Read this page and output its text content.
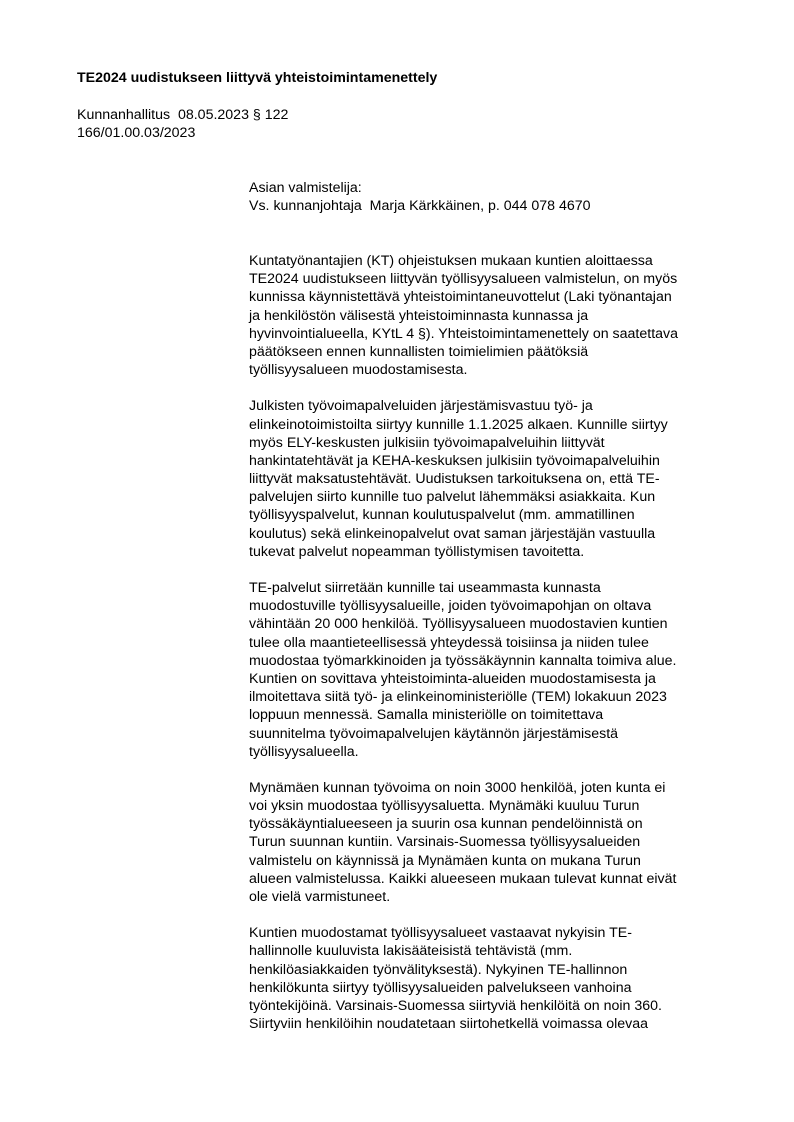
TE2024 uudistukseen liittyvä yhteistoimintamenettely
Kunnanhallitus  08.05.2023 § 122
166/01.00.03/2023
Asian valmistelija:
Vs. kunnanjohtaja  Marja Kärkkäinen, p. 044 078 4670

Kuntatyönantajien (KT) ohjeistuksen mukaan kuntien aloittaessa
TE2024 uudistukseen liittyvän työllisyysalueen valmistelun, on myös
kunnissa käynnistettävä yhteistoimintaneuvottelut (Laki työnantajan
ja henkilöstön välisestä yhteistoiminnasta kunnassa ja
hyvinvointialueella, KYtL 4 §). Yhteistoimintamenettely on saatettava
päätökseen ennen kunnallisten toimielimien päätöksiä
työllisyysalueen muodostamisesta.

Julkisten työvoimapalveluiden järjestämisvastuu työ- ja
elinkeinotoimistoilta siirtyy kunnille 1.1.2025 alkaen. Kunnille siirtyy
myös ELY-keskusten julkisiin työvoimapalveluihin liittyvät
hankintatehtävät ja KEHA-keskuksen julkisiin työvoimapalveluihin
liittyvät maksatustehtävät. Uudistuksen tarkoituksena on, että TE-
palvelujen siirto kunnille tuo palvelut lähemmäksi asiakkaita. Kun
työllisyyspalvelut, kunnan koulutuspalvelut (mm. ammatillinen
koulutus) sekä elinkeinopalvelut ovat saman järjestäjän vastuulla
tukevat palvelut nopeamman työllistymisen tavoitetta.

TE-palvelut siirretään kunnille tai useammasta kunnasta
muodostuville työllisyysalueille, joiden työvoimapohjan on oltava
vähintään 20 000 henkilöä. Työllisyysalueen muodostavien kuntien
tulee olla maantieteellisessä yhteydessä toisiinsa ja niiden tulee
muodostaa työmarkkinoiden ja työssäkäynnin kannalta toimiva alue.
Kuntien on sovittava yhteistoiminta-alueiden muodostamisesta ja
ilmoitettava siitä työ- ja elinkeinoministeriölle (TEM) lokakuun 2023
loppuun mennessä. Samalla ministeriölle on toimitettava
suunnitelma työvoimapalvelujen käytännön järjestämisestä
työllisyysalueella.

Mynämäen kunnan työvoima on noin 3000 henkilöä, joten kunta ei
voi yksin muodostaa työllisyysaluetta. Mynämäki kuuluu Turun
työssäkäyntialueeseen ja suurin osa kunnan pendelöinnistä on
Turun suunnan kuntiin. Varsinais-Suomessa työllisyysalueiden
valmistelu on käynnissä ja Mynämäen kunta on mukana Turun
alueen valmistelussa. Kaikki alueeseen mukaan tulevat kunnat eivät
ole vielä varmistuneet.

Kuntien muodostamat työllisyysalueet vastaavat nykyisin TE-
hallinnolle kuuluvista lakisääteisistä tehtävistä (mm.
henkilöasiakkaiden työnvälityksestä). Nykyinen TE-hallinnon
henkilökunta siirtyy työllisyysalueiden palvelukseen vanhoina
työntekijöinä. Varsinais-Suomessa siirtyviä henkilöitä on noin 360.
Siirtyviin henkilöihin noudatetaan siirtohetkellä voimassa olevaa
